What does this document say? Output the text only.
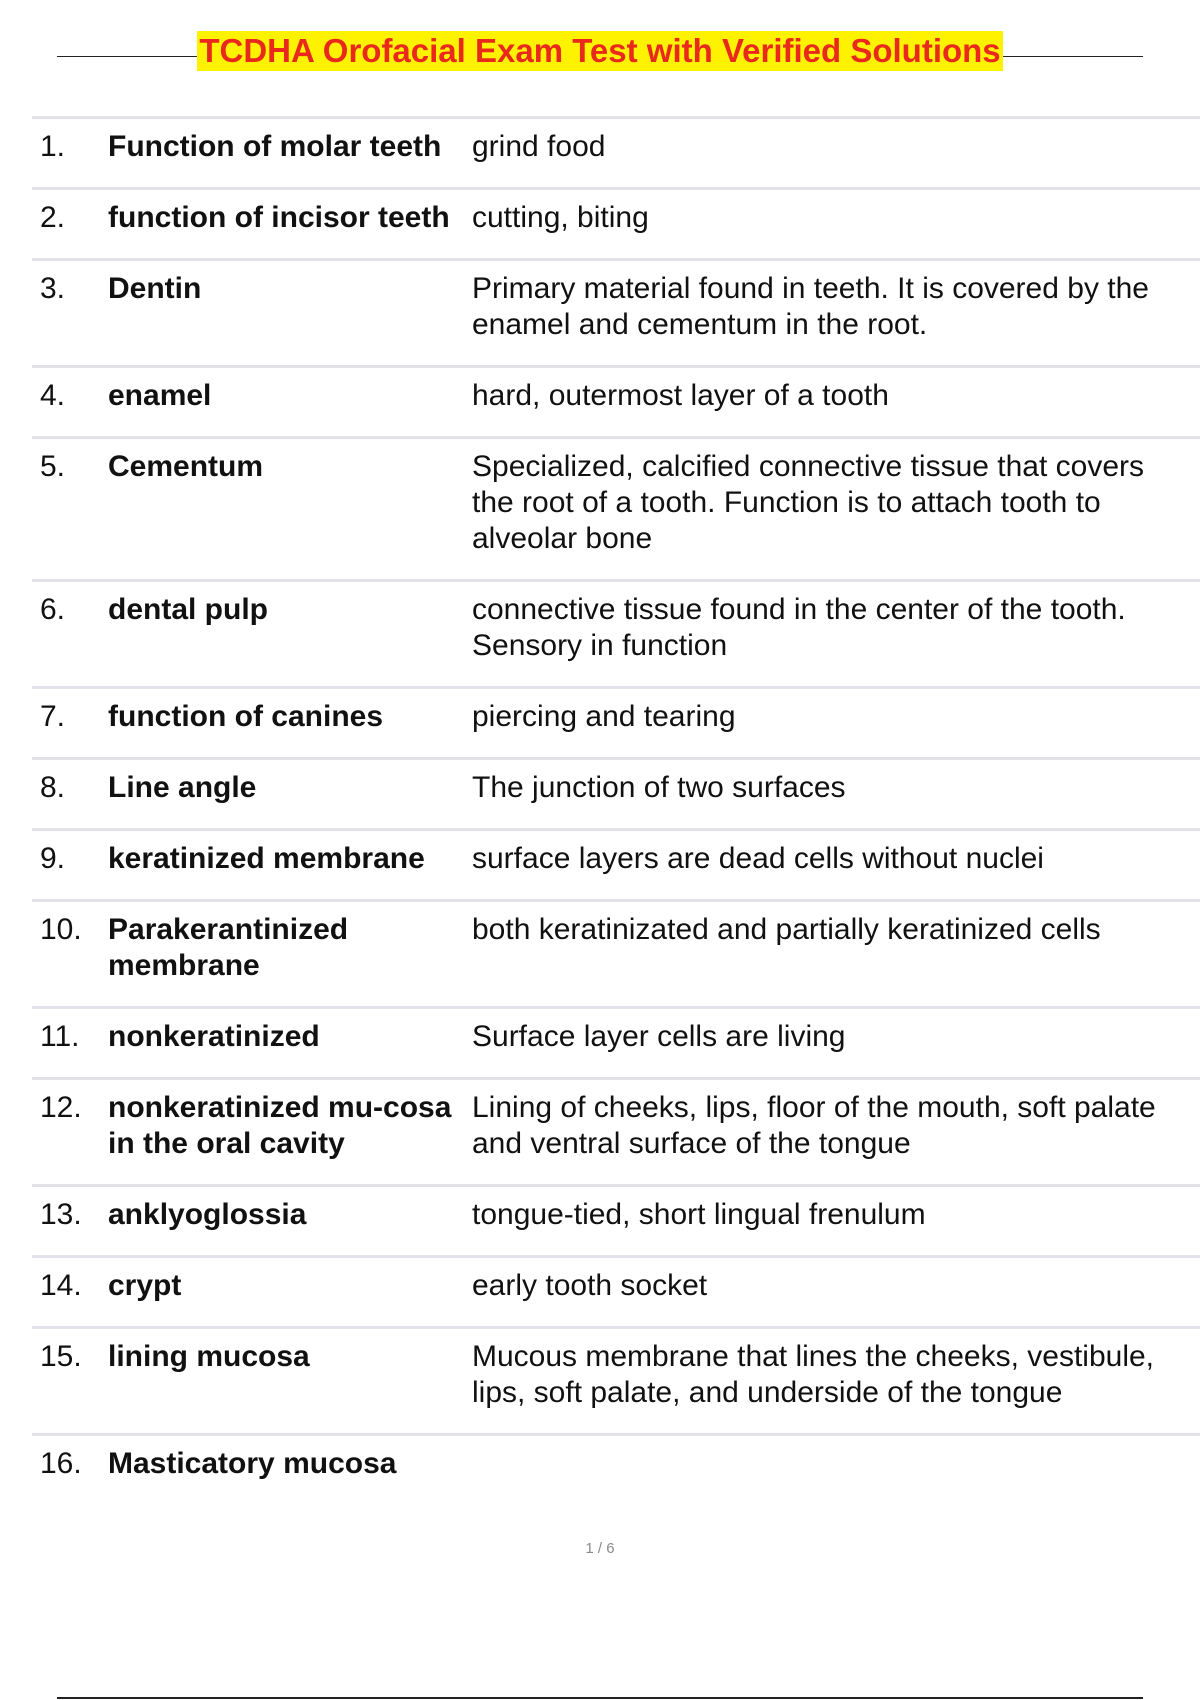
TCDHA Orofacial Exam Test with Verified Solutions
1.	Function of molar teeth	grind food
2.	function of incisor teeth	cutting, biting
3.	Dentin	Primary material found in teeth. It is covered by the enamel and cementum in the root.
4.	enamel	hard, outermost layer of a tooth
5.	Cementum	Specialized, calcified connective tissue that covers the root of a tooth. Function is to attach tooth to alveolar bone
6.	dental pulp	connective tissue found in the center of the tooth. Sensory in function
7.	function of canines	piercing and tearing
8.	Line angle	The junction of two surfaces
9.	keratinized membrane	surface layers are dead cells without nuclei
10.	Parakerantinized membrane	both keratinizated and partially keratinized cells
11.	nonkeratinized	Surface layer cells are living
12.	nonkeratinized mu-cosa in the oral cavity	Lining of cheeks, lips, floor of the mouth, soft palate and ventral surface of the tongue
13.	anklyoglossia	tongue-tied, short lingual frenulum
14.	crypt	early tooth socket
15.	lining mucosa	Mucous membrane that lines the cheeks, vestibule, lips, soft palate, and underside of the tongue
16.	Masticatory mucosa	
1 / 6
